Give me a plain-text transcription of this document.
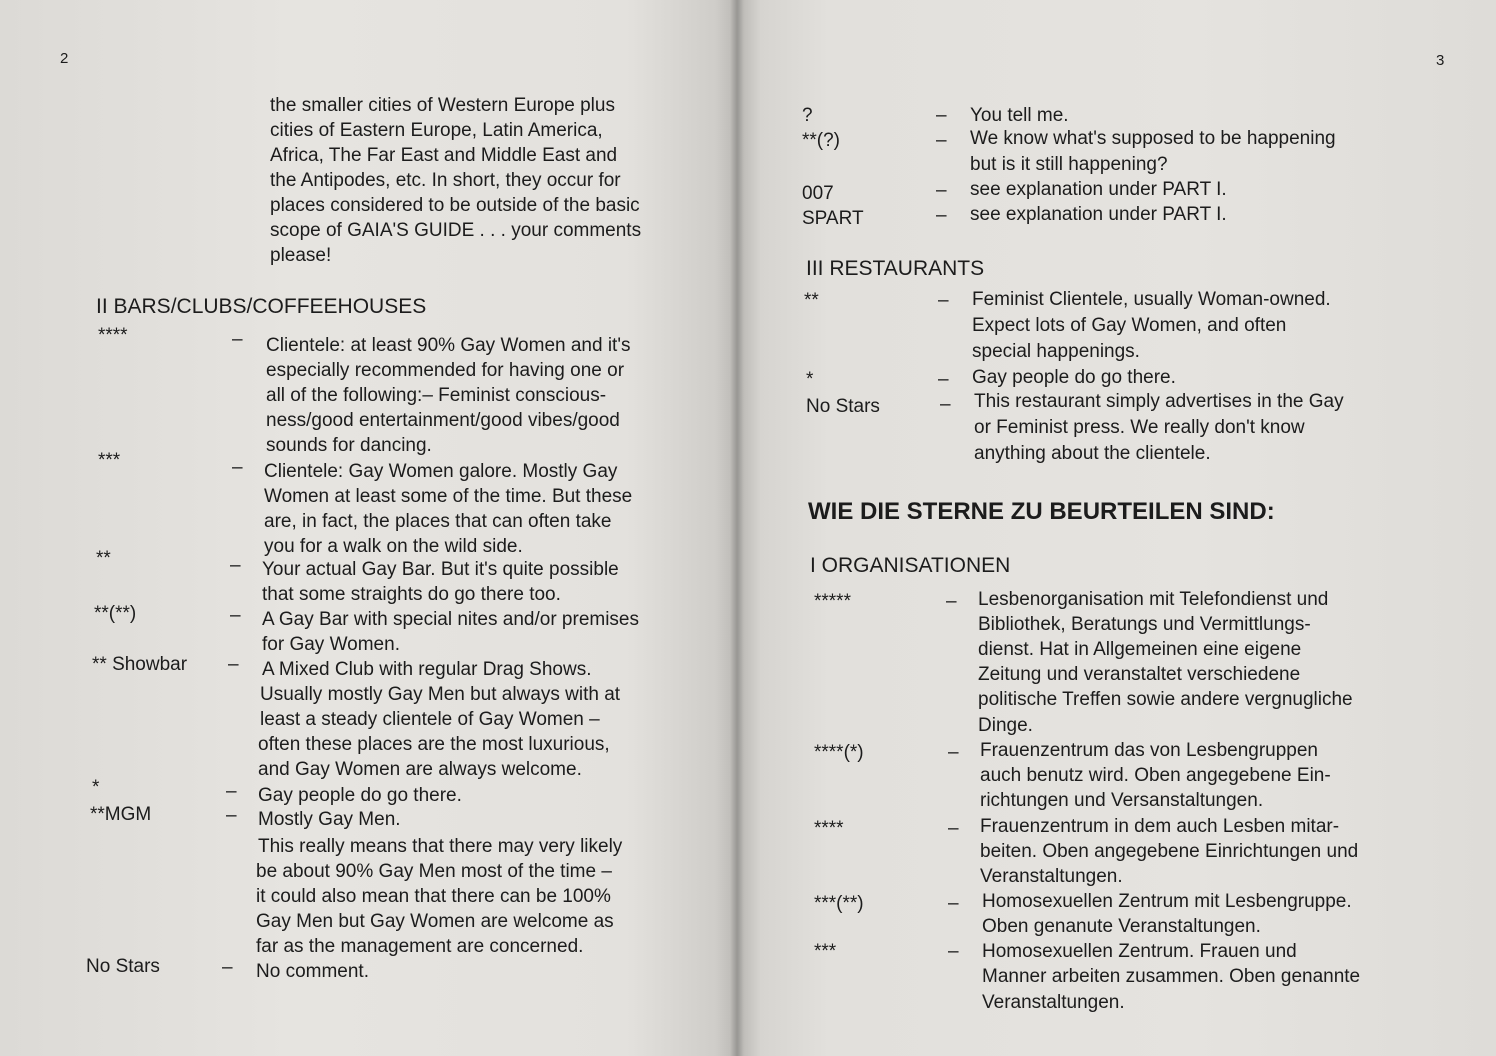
2
the smaller cities of Western Europe plus
cities of Eastern Europe, Latin America,
Africa, The Far East and Middle East and
the Antipodes, etc. In short, they occur for
places considered to be outside of the basic
scope of GAIA'S GUIDE . . . your comments
please!
II BARS/CLUBS/COFFEEHOUSES
****	– Clientele: at least 90% Gay Women and it's
especially recommended for having one or
all of the following:– Feminist conscious-
ness/good entertainment/good vibes/good
sounds for dancing.
***	– Clientele: Gay Women galore. Mostly Gay
Women at least some of the time. But these
are, in fact, the places that can often take
you for a walk on the wild side.
**	– Your actual Gay Bar. But it's quite possible
that some straights do go there too.
**(**)	– A Gay Bar with special nites and/or premises
for Gay Women.
** Showbar – A Mixed Club with regular Drag Shows.
Usually mostly Gay Men but always with at
least a steady clientele of Gay Women –
often these places are the most luxurious,
and Gay Women are always welcome.
*	– Gay people do go there.
**MGM	– Mostly Gay Men.
This really means that there may very likely
be about 90% Gay Men most of the time –
it could also mean that there can be 100%
Gay Men but Gay Women are welcome as
far as the management are concerned.
No Stars	– No comment.
3
?	– You tell me.
**(?)	– We know what's supposed to be happening
but is it still happening?
007	– see explanation under PART I.
SPART	– see explanation under PART I.
III RESTAURANTS
**	– Feminist Clientele, usually Woman-owned.
Expect lots of Gay Women, and often
special happenings.
*	– Gay people do go there.
No Stars	– This restaurant simply advertises in the Gay
or Feminist press. We really don't know
anything about the clientele.
WIE DIE STERNE ZU BEURTEILEN SIND:
I ORGANISATIONEN
*****	– Lesbenorganisation mit Telefondienst und
Bibliothek, Beratungs und Vermittlungs-
dienst. Hat in Allgemeinen eine eigene
Zeitung und veranstaltet verschiedene
politische Treffen sowie andere vergnugliche
Dinge.
****(*)	– Frauenzentrum das von Lesbengruppen
auch benutz wird. Oben angegebene Ein-
richtungen und Versanstaltungen.
****	– Frauenzentrum in dem auch Lesben mitar-
beiten. Oben angegebene Einrichtungen und
Veranstaltungen.
***(**)	– Homosexuellen Zentrum mit Lesbengruppe.
Oben genanute Veranstaltungen.
***	– Homosexuellen Zentrum. Frauen und
Manner arbeiten zusammen. Oben genannte
Veranstaltungen.
